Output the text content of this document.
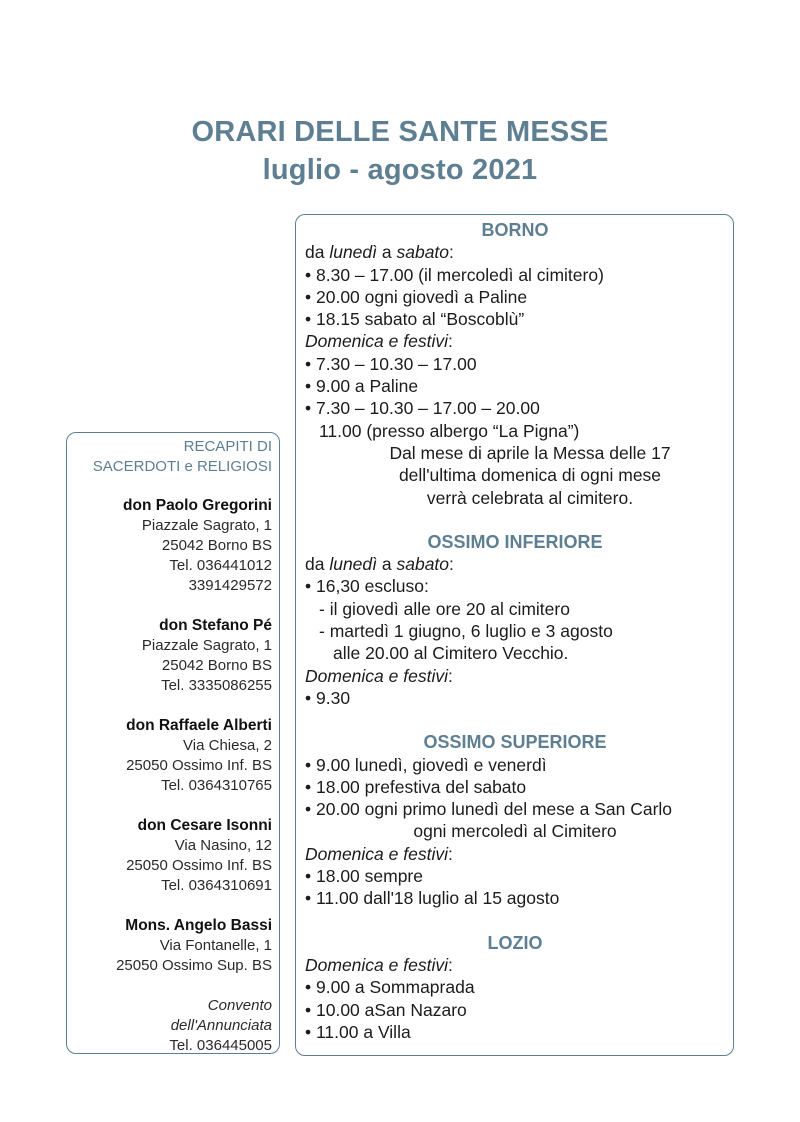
ORARI DELLE SANTE MESSE
luglio - agosto 2021
RECAPITI DI
SACERDOTI e RELIGIOSI
don Paolo Gregorini
Piazzale Sagrato, 1
25042 Borno BS
Tel. 036441012
3391429572
don Stefano Pé
Piazzale Sagrato, 1
25042 Borno BS
Tel. 3335086255
don Raffaele Alberti
Via Chiesa, 2
25050 Ossimo Inf. BS
Tel. 0364310765
don Cesare Isonni
Via Nasino, 12
25050 Ossimo Inf. BS
Tel. 0364310691
Mons. Angelo Bassi
Via Fontanelle, 1
25050 Ossimo Sup. BS
Convento
dell'Annunciata
Tel. 036445005
BORNO
da lunedì a sabato:
• 8.30 – 17.00 (il mercoledì al cimitero)
• 20.00 ogni giovedì a Paline
• 18.15 sabato al “Boscoblù”
Domenica e festivi:
• 7.30 – 10.30 – 17.00
• 9.00 a Paline
• 7.30 – 10.30 – 17.00 – 20.00
11.00 (presso albergo “La Pigna”)
Dal mese di aprile la Messa delle 17
dell'ultima domenica di ogni mese
verrà celebrata al cimitero.
OSSIMO INFERIORE
da lunedì a sabato:
• 16,30 escluso:
- il giovedì alle ore 20 al cimitero
- martedì 1 giugno, 6 luglio e 3 agosto
alle 20.00 al Cimitero Vecchio.
Domenica e festivi:
• 9.30
OSSIMO SUPERIORE
• 9.00 lunedì, giovedì e venerdì
• 18.00 prefestiva del sabato
• 20.00 ogni primo lunedì del mese a San Carlo
ogni mercoledì al Cimitero
Domenica e festivi:
• 18.00 sempre
• 11.00 dall'18 luglio al 15 agosto
LOZIO
Domenica e festivi:
• 9.00 a Sommaprada
• 10.00 aSan Nazaro
• 11.00 a Villa
